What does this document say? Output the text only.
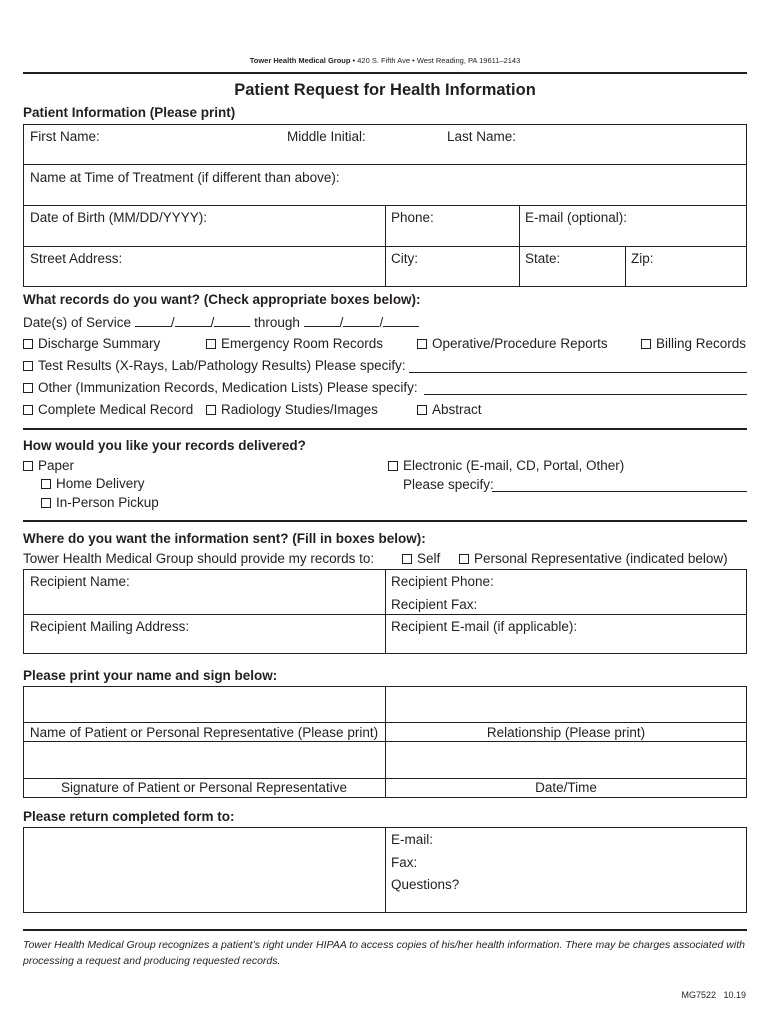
Tower Health Medical Group • 420 S. Fifth Ave • West Reading, PA 19611–2143
Patient Request for Health Information
Patient Information (Please print)
First Name:	Middle Initial:	Last Name:
Name at Time of Treatment (if different than above):
Date of Birth (MM/DD/YYYY):	Phone:	E-mail (optional):
Street Address:	City:	State:	Zip:
What records do you want? (Check appropriate boxes below):
Date(s) of Service	/	/	through	/	/
Discharge Summary	Emergency Room Records	Operative/Procedure Reports	Billing Records
Test Results (X-Rays, Lab/Pathology Results) Please specify:
Other (Immunization Records, Medication Lists) Please specify:
Complete Medical Record	Radiology Studies/Images	Abstract
How would you like your records delivered?
Paper
Home Delivery
In-Person Pickup
Electronic (E-mail, CD, Portal, Other)
Please specify:
Where do you want the information sent? (Fill in boxes below):
Tower Health Medical Group should provide my records to:	Self	Personal Representative (indicated below)
Recipient Name:	Recipient Phone:
Recipient Fax:
Recipient Mailing Address:	Recipient E-mail (if applicable):
Please print your name and sign below:
Name of Patient or Personal Representative (Please print)	Relationship (Please print)
Signature of Patient or Personal Representative	Date/Time
Please return completed form to:
E-mail:
Fax:
Questions?
Tower Health Medical Group recognizes a patient’s right under HIPAA to access copies of his/her health information. There may be charges associated with processing a request and producing requested records.
MG7522   10.19
